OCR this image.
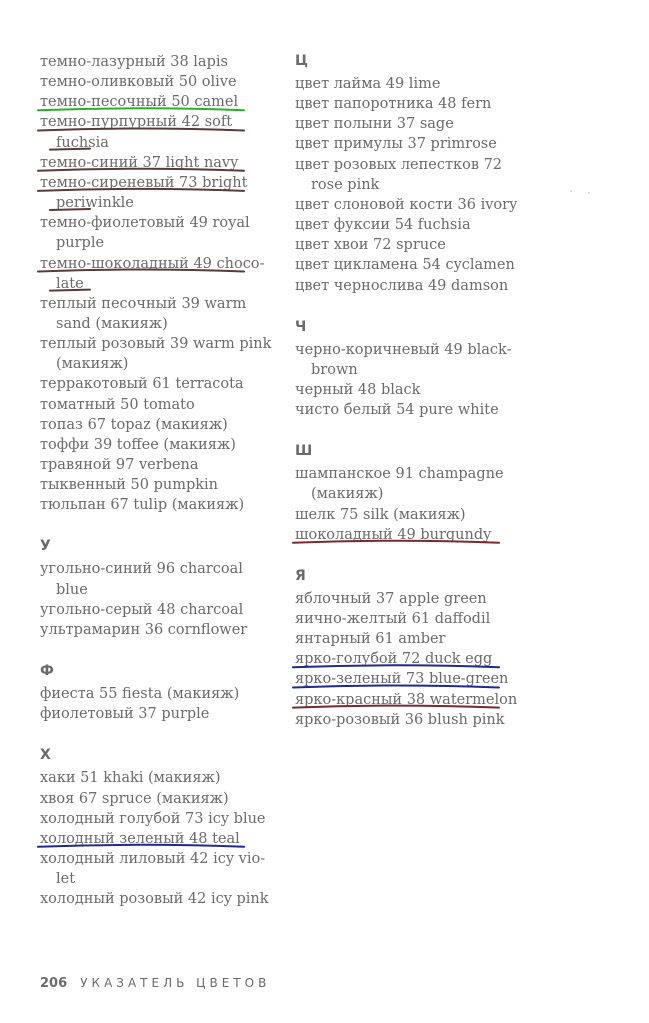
темно-лазурный 38 lapis
темно-оливковый 50 olive
темно-песочный 50 camel
темно-пурпурный 42 soft
fuchsia
темно-синий 37 light navy
темно-сиреневый 73 bright
periwinkle
темно-фиолетовый 49 royal
purple
темно-шоколадный 49 choco-
late
теплый песочный 39 warm
sand (макияж)
теплый розовый 39 warm pink
(макияж)
терракотовый 61 terracota
томатный 50 tomato
топаз 67 topaz (макияж)
тоффи 39 toffee (макияж)
травяной 97 verbena
тыквенный 50 pumpkin
тюльпан 67 tulip (макияж)
У
угольно-синий 96 charcoal
blue
угольно-серый 48 charcoal
ультрамарин 36 cornflower
Ф
фиеста 55 fiesta (макияж)
фиолетовый 37 purple
Х
хаки 51 khaki (макияж)
хвоя 67 spruce (макияж)
холодный голубой 73 icy blue
холодный зеленый 48 teal
холодный лиловый 42 icy vio-
let
холодный розовый 42 icy pink
Ц
цвет лайма 49 lime
цвет папоротника 48 fern
цвет полыни 37 sage
цвет примулы 37 primrose
цвет розовых лепестков 72
rose pink
цвет слоновой кости 36 ivory
цвет фуксии 54 fuchsia
цвет хвои 72 spruce
цвет цикламена 54 cyclamen
цвет чернослива 49 damson
Ч
черно-коричневый 49 black-
brown
черный 48 black
чисто белый 54 pure white
Ш
шампанское 91 champagne
(макияж)
шелк 75 silk (макияж)
шоколадный 49 burgundy
Я
яблочный 37 apple green
яично-желтый 61 daffodil
янтарный 61 amber
ярко-голубой 72 duck egg
ярко-зеленый 73 blue-green
ярко-красный 38 watermelon
ярко-розовый 36 blush pink
206 УКАЗАТЕЛЬ ЦВЕТОВ
